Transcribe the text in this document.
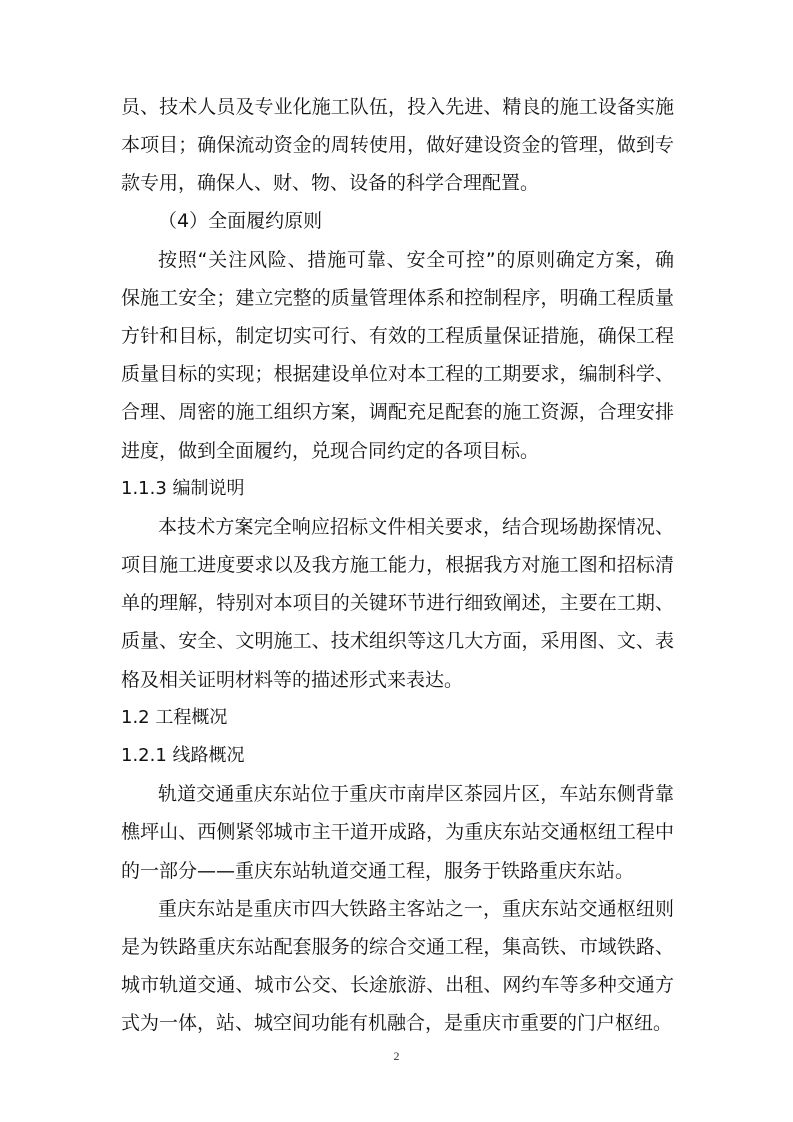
员、技术人员及专业化施工队伍，投入先进、精良的施工设备实施
本项目；确保流动资金的周转使用，做好建设资金的管理，做到专
款专用，确保人、财、物、设备的科学合理配置。
（4）全面履约原则
按照“关注风险、措施可靠、安全可控”的原则确定方案，确
保施工安全；建立完整的质量管理体系和控制程序，明确工程质量
方针和目标，制定切实可行、有效的工程质量保证措施，确保工程
质量目标的实现；根据建设单位对本工程的工期要求，编制科学、
合理、周密的施工组织方案，调配充足配套的施工资源，合理安排
进度，做到全面履约，兑现合同约定的各项目标。
1.1.3 编制说明
本技术方案完全响应招标文件相关要求，结合现场勘探情况、
项目施工进度要求以及我方施工能力，根据我方对施工图和招标清
单的理解，特别对本项目的关键环节进行细致阐述，主要在工期、
质量、安全、文明施工、技术组织等这几大方面，采用图、文、表
格及相关证明材料等的描述形式来表达。
1.2 工程概况
1.2.1 线路概况
轨道交通重庆东站位于重庆市南岸区茶园片区，车站东侧背靠
樵坪山、西侧紧邻城市主干道开成路，为重庆东站交通枢纽工程中
的一部分——重庆东站轨道交通工程，服务于铁路重庆东站。
重庆东站是重庆市四大铁路主客站之一，重庆东站交通枢纽则
是为铁路重庆东站配套服务的综合交通工程，集高铁、市域铁路、
城市轨道交通、城市公交、长途旅游、出租、网约车等多种交通方
式为一体，站、城空间功能有机融合，是重庆市重要的门户枢纽。
2
